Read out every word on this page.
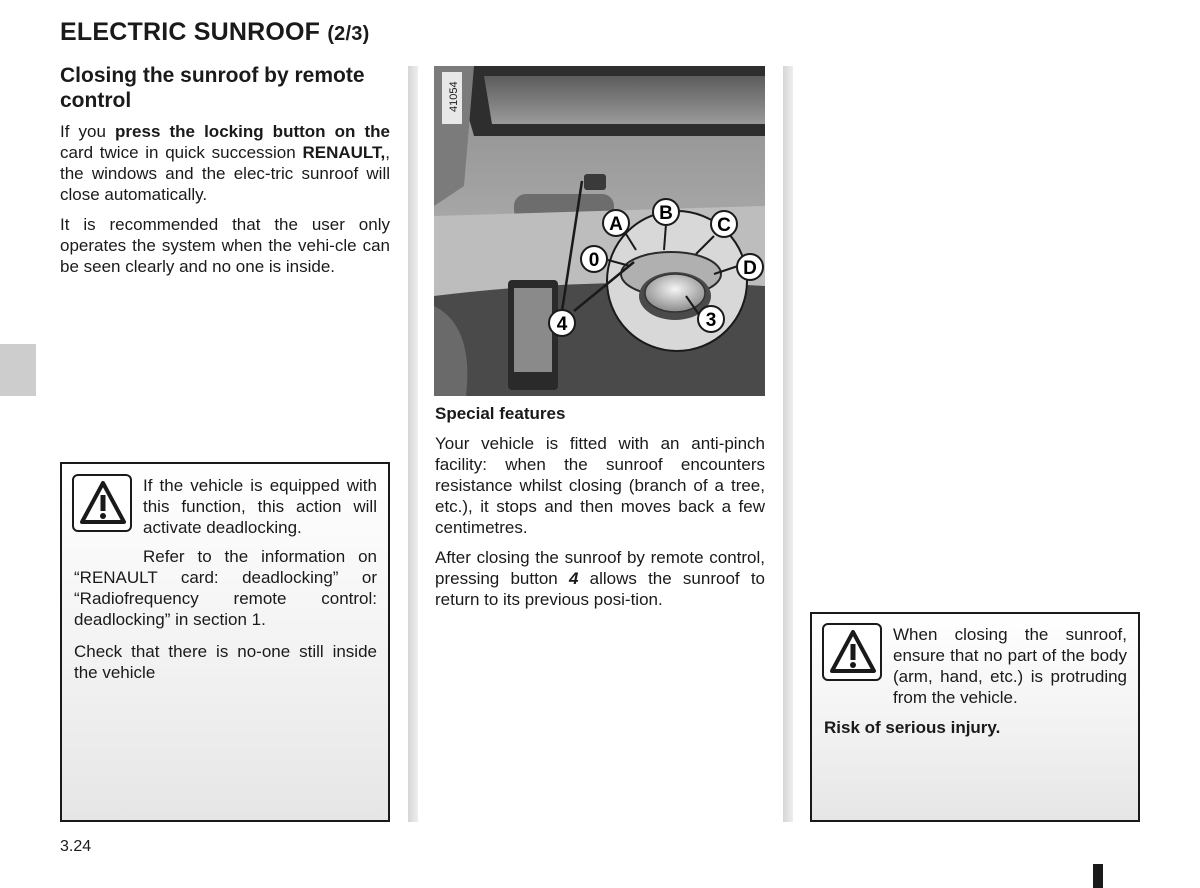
ELECTRIC SUNROOF (2/3)
Closing the sunroof by remote control

If you press the locking button on the card twice in quick succession RENAULT,, the windows and the elec-tric sunroof will close automatically.

It is recommended that the user only operates the system when the vehi-cle can be seen clearly and no one is inside.

If the vehicle is equipped with this function, this action will activate deadlocking.

Refer to the information on “RENAULT card: deadlocking” or “Radiofrequency remote control: deadlocking” in section 1.

Check that there is no-one still inside the vehicle

A
B
C
D
0
3
4
41054

Special features

Your vehicle is fitted with an anti-pinch facility: when the sunroof encounters resistance whilst closing (branch of a tree, etc.), it stops and then moves back a few centimetres.

After closing the sunroof by remote control, pressing button 4 allows the sunroof to return to its previous posi-tion.

When closing the sunroof, ensure that no part of the body (arm, hand, etc.) is protruding from the vehicle.

Risk of serious injury.

3.24
